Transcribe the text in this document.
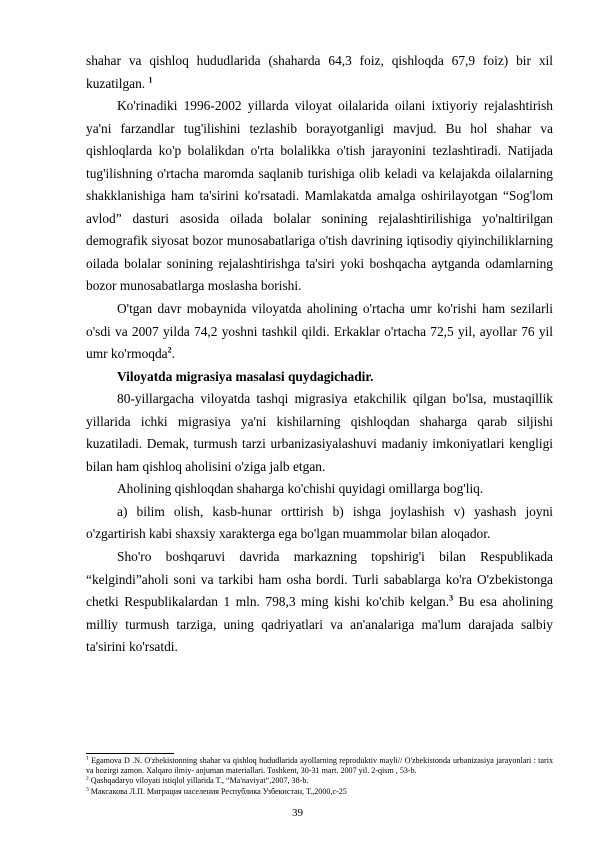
shahar va qishloq hududlarida (shaharda 64,3 foiz, qishloqda 67,9 foiz) bir xil kuzatilgan. $^1$

Ko'rinadiki 1996-2002 yillarda viloyat oilalarida oilani ixtiyoriy rejalashtirish ya'ni farzandlar tug'ilishini tezlashib borayotganligi mavjud. Bu hol shahar va qishloqlarda ko'p bolalikdan o'rta bolalikka o'tish jarayonini tezlashtiradi. Natijada tug'ilishning o'rtacha maromda saqlanib turishiga olib keladi va kelajakda oilalarning shakklanishiga ham ta'sirini ko'rsatadi. Mamlakatda amalga oshirilayotgan “Sog'lom avlod” dasturi asosida oilada bolalar sonining rejalashtirilishiga yo'naltirilgan demografik siyosat bozor munosabatlariga o'tish davrining iqtisodiy qiyinchiliklarning oilada bolalar sonining rejalashtirishga ta'siri yoki boshqacha aytganda odamlarning bozor munosabatlarga moslasha borishi.

O'tgan davr mobaynida viloyatda aholining o'rtacha umr ko'rishi ham sezilarli o'sdi va 2007 yilda 74,2 yoshni tashkil qildi. Erkaklar o'rtacha 72,5 yil, ayollar 76 yil umr ko'rmoqda$^2$.

Viloyatda migrasiya masalasi quydagichadir.

80-yillargacha viloyatda tashqi migrasiya etakchilik qilgan bo'lsa, mustaqillik yillarida ichki migrasiya ya'ni kishilarning qishloqdan shaharga qarab siljishi kuzatiladi. Demak, turmush tarzi urbanizasiyalashuvi madaniy imkoniyatlari kengligi bilan ham qishloq aholisini o'ziga jalb etgan.

Aholining qishloqdan shaharga ko'chishi quyidagi omillarga bog'liq.

a) bilim olish, kasb-hunar orttirish b) ishga joylashish v) yashash joyni o'zgartirish kabi shaxsiy xarakterga ega bo'lgan muammolar bilan aloqador.

Sho'ro boshqaruvi davrida markazning topshirig'i bilan Respublikada “kelgindi”aholi soni va tarkibi ham osha bordi. Turli sabablarga ko'ra O'zbekistonga chetki Respublikalardan 1 mln. 798,3 ming kishi ko'chib kelgan.$^3$ Bu esa aholining milliy turmush tarziga, uning qadriyatlari va an'analariga ma'lum darajada salbiy ta'sirini ko'rsatdi.

$^1$ Egamova D .N. O'zbekistonning shahar va qishloq hududlarida ayollarning reproduktiv mayli// O'zbekistonda urbanizasiya jarayonlari : tarix va hozirgi zamon. Xalqaro ilmiy- anjuman materiallari. Toshkent, 30-31 mart. 2007 yil. 2-qism , 53-b.

$^2$ Qashqadaryo viloyati istiqlol yillarida T., “Ma'naviyat”,2007, 38-b.

$^3$ Максакова Л.П. Миграция населения Республика Узбекистан, Т.,2000,с-25

39
